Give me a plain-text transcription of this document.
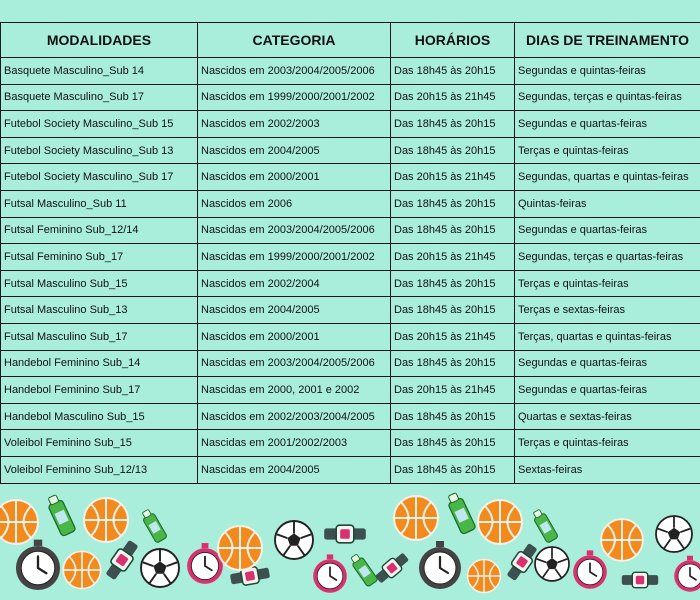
MODALIDADES	CATEGORIA	HORÁRIOS	DIAS DE TREINAMENTO
Basquete Masculino_Sub 14	Nascidos em 2003/2004/2005/2006	Das 18h45 às 20h15	Segundas e quintas-feiras
Basquete Masculino_Sub 17	Nascidos em 1999/2000/2001/2002	Das 20h15 às 21h45	Segundas, terças e quintas-feiras
Futebol Society Masculino_Sub 15	Nascidos em 2002/2003	Das 18h45 às 20h15	Segundas e quartas-feiras
Futebol Society Masculino_Sub 13	Nascidos em 2004/2005	Das 18h45 às 20h15	Terças e quintas-feiras
Futebol Society Masculino_Sub 17	Nascidos em 2000/2001	Das 20h15 às 21h45	Segundas, quartas e quintas-feiras
Futsal Masculino_Sub 11	Nascidos em 2006	Das 18h45 às 20h15	Quintas-feiras
Futsal Feminino Sub_12/14	Nascidas em 2003/2004/2005/2006	Das 18h45 às 20h15	Segundas e quartas-feiras
Futsal Feminino Sub_17	Nascidas em 1999/2000/2001/2002	Das 20h15 às 21h45	Segundas, terças e quartas-feiras
Futsal Masculino Sub_15	Nascidos em 2002/2004	Das 18h45 às 20h15	Terças e quintas-feiras
Futsal Masculino Sub_13	Nascidos em 2004/2005	Das 18h45 às 20h15	Terças e sextas-feiras
Futsal Masculino Sub_17	Nascidos em 2000/2001	Das 20h15 às 21h45	Terças, quartas e quintas-feiras
Handebol Feminino Sub_14	Nascidas em 2003/2004/2005/2006	Das 18h45 às 20h15	Segundas e quartas-feiras
Handebol Feminino Sub_17	Nascidas em 2000, 2001 e 2002	Das 20h15 às 21h45	Segundas e quartas-feiras
Handebol Masculino Sub_15	Nascidos em 2002/2003/2004/2005	Das 18h45 às 20h15	Quartas e sextas-feiras
Voleibol Feminino Sub_15	Nascidas em 2001/2002/2003	Das 18h45 às 20h15	Terças e quintas-feiras
Voleibol Feminino Sub_12/13	Nascidas em 2004/2005	Das 18h45 às 20h15	Sextas-feiras
